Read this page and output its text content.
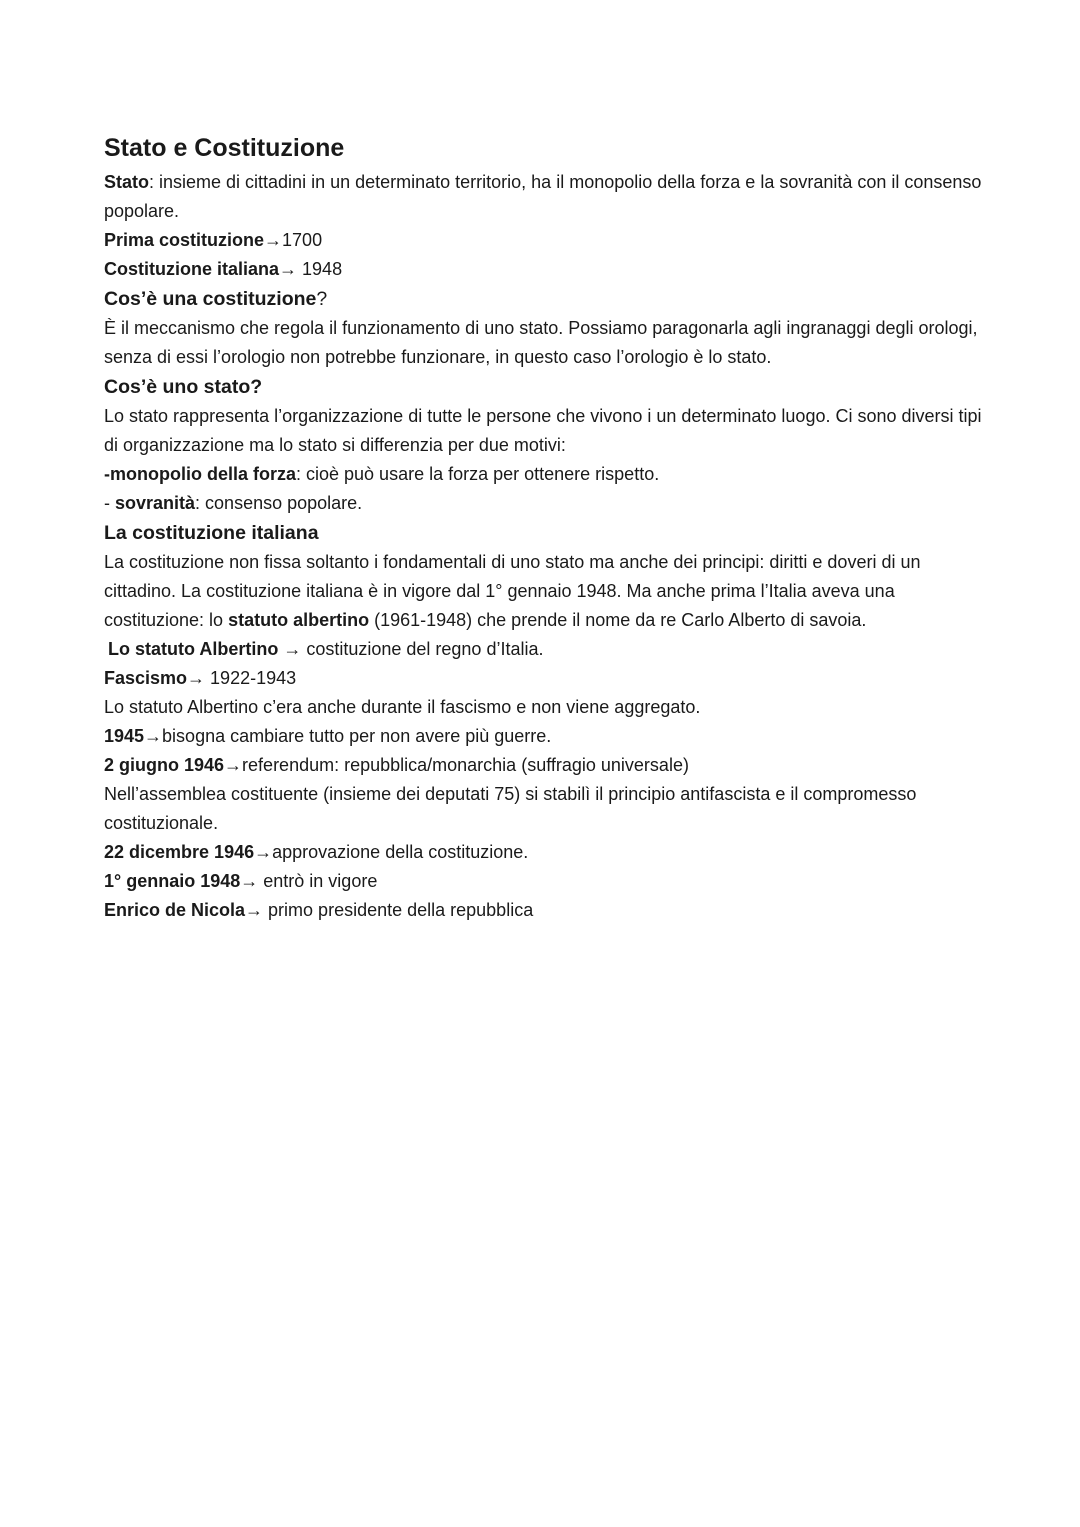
Stato e Costituzione

Stato: insieme di cittadini in un determinato territorio, ha il monopolio della forza e la sovranità con il consenso popolare.

Prima costituzione→1700

Costituzione italiana→ 1948

Cos’è una costituzione?

È il meccanismo che regola il funzionamento di uno stato. Possiamo paragonarla agli ingranaggi degli orologi, senza di essi l’orologio non potrebbe funzionare, in questo caso l’orologio è lo stato.

Cos’è uno stato?

Lo stato rappresenta l’organizzazione di tutte le persone che vivono i un determinato luogo. Ci sono diversi tipi di organizzazione ma lo stato si differenzia per due motivi:

-monopolio della forza: cioè può usare la forza per ottenere rispetto.

- sovranità: consenso popolare.

La costituzione italiana

La costituzione non fissa soltanto i fondamentali di uno stato ma anche dei principi: diritti e doveri di un cittadino. La costituzione italiana è in vigore dal 1° gennaio 1948. Ma anche prima l’Italia aveva una costituzione: lo statuto albertino (1961-1948) che prende il nome da re Carlo Alberto di savoia.

Lo statuto Albertino → costituzione del regno d’Italia.

Fascismo→ 1922-1943

Lo statuto Albertino c’era anche durante il fascismo e non viene aggregato.

1945→bisogna cambiare tutto per non avere più guerre.

2 giugno 1946→referendum: repubblica/monarchia (suffragio universale)

Nell’assemblea costituente (insieme dei deputati 75) si stabilì il principio antifascista e il compromesso costituzionale.

22 dicembre 1946→approvazione della costituzione.

1° gennaio 1948→ entrò in vigore

Enrico de Nicola→ primo presidente della repubblica
